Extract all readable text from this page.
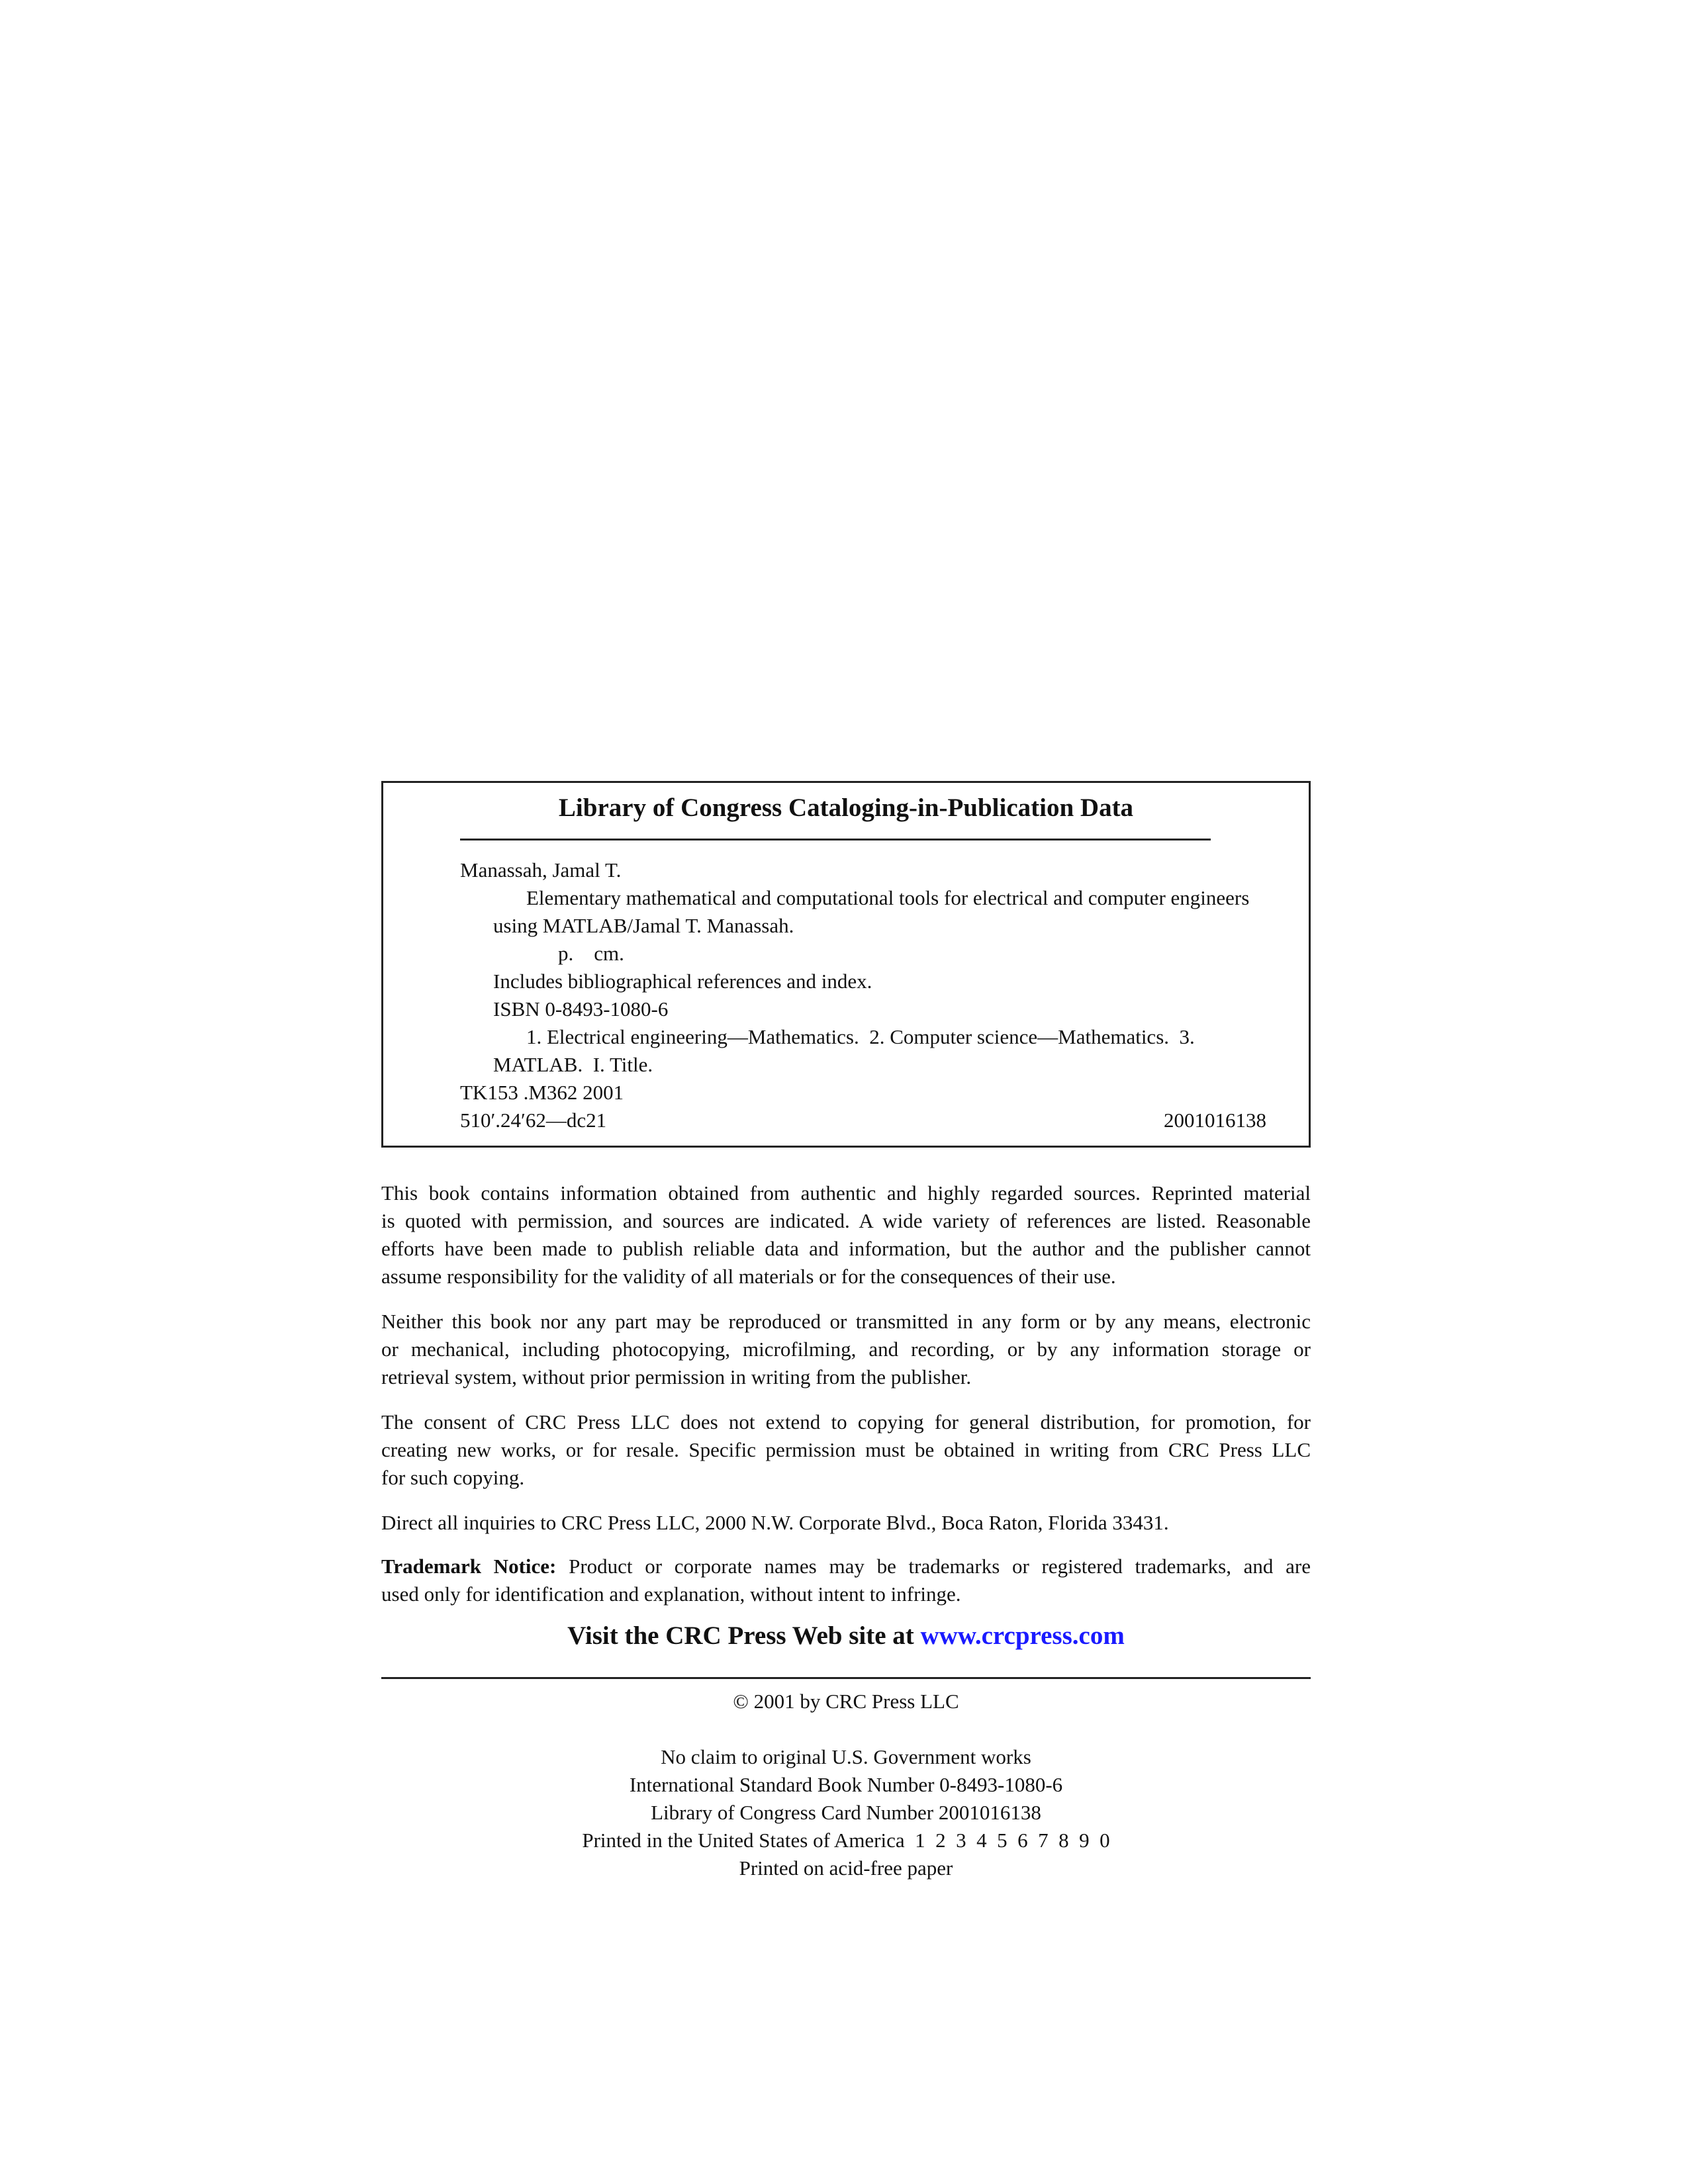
Library of Congress Cataloging-in-Publication Data
Manassah, Jamal T.
Elementary mathematical and computational tools for electrical and computer engineers
using MATLAB/Jamal T. Manassah.
p.    cm.
Includes bibliographical references and index.
ISBN 0-8493-1080-6
1. Electrical engineering—Mathematics.  2. Computer science—Mathematics.  3.
MATLAB.  I. Title.
TK153 .M362 2001
510′.24′62—dc21	2001016138
This book contains information obtained from authentic and highly regarded sources. Reprinted material
is quoted with permission, and sources are indicated. A wide variety of references are listed. Reasonable
efforts have been made to publish reliable data and information, but the author and the publisher cannot
assume responsibility for the validity of all materials or for the consequences of their use.
Neither this book nor any part may be reproduced or transmitted in any form or by any means, electronic
or mechanical, including photocopying, microfilming, and recording, or by any information storage or
retrieval system, without prior permission in writing from the publisher.
The consent of CRC Press LLC does not extend to copying for general distribution, for promotion, for
creating new works, or for resale. Specific permission must be obtained in writing from CRC Press LLC
for such copying.
Direct all inquiries to CRC Press LLC, 2000 N.W. Corporate Blvd., Boca Raton, Florida 33431.
Trademark Notice: Product or corporate names may be trademarks or registered trademarks, and are
used only for identification and explanation, without intent to infringe.
Visit the CRC Press Web site at www.crcpress.com
© 2001 by CRC Press LLC
No claim to original U.S. Government works
International Standard Book Number 0-8493-1080-6
Library of Congress Card Number 2001016138
Printed in the United States of America  1  2  3  4  5  6  7  8  9  0
Printed on acid-free paper
